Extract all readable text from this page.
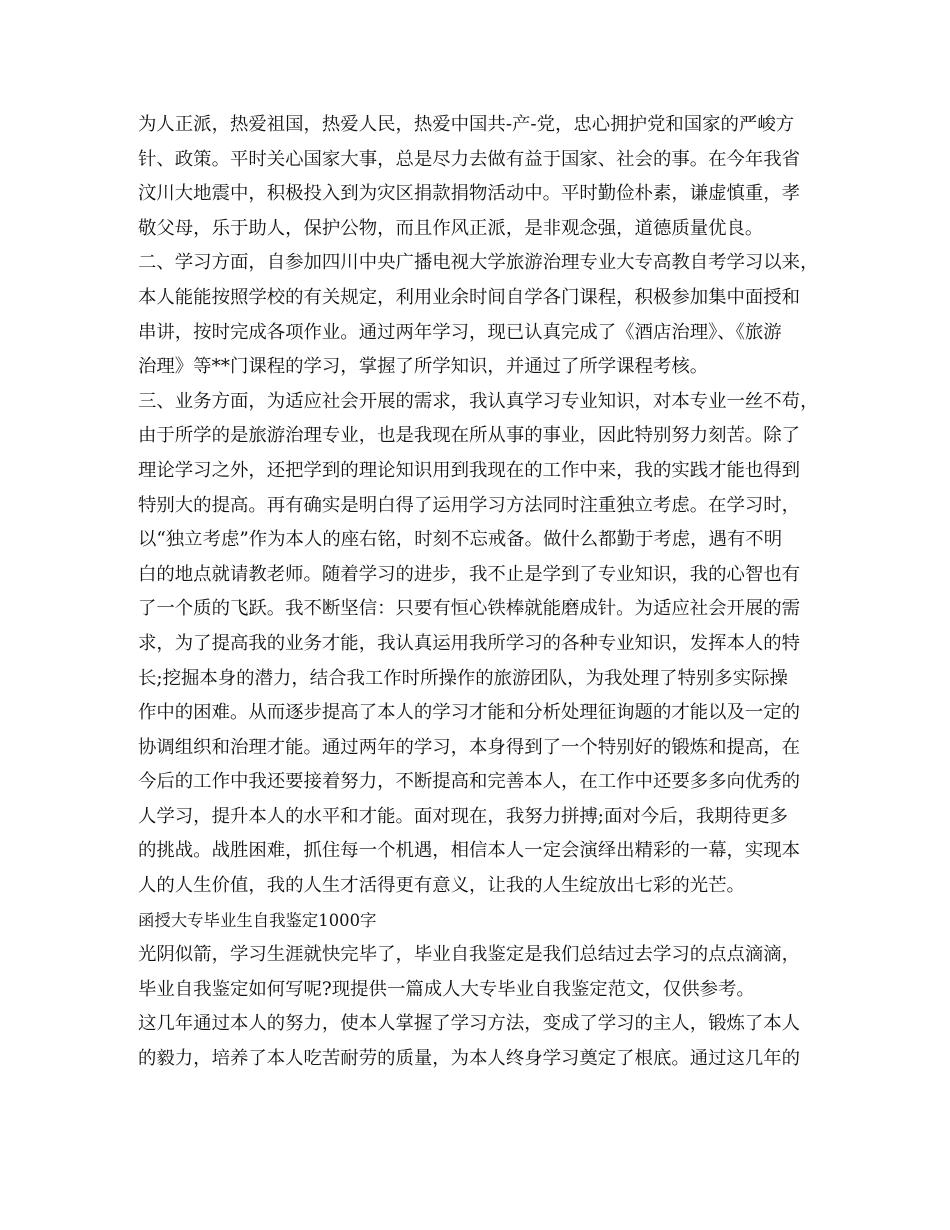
为人正派，热爱祖国，热爱人民，热爱中国共-产-党，忠心拥护党和国家的严峻方
针、政策。平时关心国家大事，总是尽力去做有益于国家、社会的事。在今年我省
汶川大地震中，积极投入到为灾区捐款捐物活动中。平时勤俭朴素，谦虚慎重，孝
敬父母，乐于助人，保护公物，而且作风正派，是非观念强，道德质量优良。
二、学习方面，自参加四川中央广播电视大学旅游治理专业大专高教自考学习以来，
本人能能按照学校的有关规定，利用业余时间自学各门课程，积极参加集中面授和
串讲，按时完成各项作业。通过两年学习，现已认真完成了《酒店治理》、《旅游
治理》等**门课程的学习，掌握了所学知识，并通过了所学课程考核。
三、业务方面，为适应社会开展的需求，我认真学习专业知识，对本专业一丝不苟，
由于所学的是旅游治理专业，也是我现在所从事的事业，因此特别努力刻苦。除了
理论学习之外，还把学到的理论知识用到我现在的工作中来，我的实践才能也得到
特别大的提高。再有确实是明白得了运用学习方法同时注重独立考虑。在学习时，
以“独立考虑”作为本人的座右铭，时刻不忘戒备。做什么都勤于考虑，遇有不明
白的地点就请教老师。随着学习的进步，我不止是学到了专业知识，我的心智也有
了一个质的飞跃。我不断坚信：只要有恒心铁棒就能磨成针。为适应社会开展的需
求，为了提高我的业务才能，我认真运用我所学习的各种专业知识，发挥本人的特
长;挖掘本身的潜力，结合我工作时所操作的旅游团队，为我处理了特别多实际操
作中的困难。从而逐步提高了本人的学习才能和分析处理征询题的才能以及一定的
协调组织和治理才能。通过两年的学习，本身得到了一个特别好的锻炼和提高，在
今后的工作中我还要接着努力，不断提高和完善本人，在工作中还要多多向优秀的
人学习，提升本人的水平和才能。面对现在，我努力拼搏;面对今后，我期待更多
的挑战。战胜困难，抓住每一个机遇，相信本人一定会演绎出精彩的一幕，实现本
人的人生价值，我的人生才活得更有意义，让我的人生绽放出七彩的光芒。
函授大专毕业生自我鉴定1000字
光阴似箭，学习生涯就快完毕了，毕业自我鉴定是我们总结过去学习的点点滴滴，
毕业自我鉴定如何写呢?现提供一篇成人大专毕业自我鉴定范文，仅供参考。
这几年通过本人的努力，使本人掌握了学习方法，变成了学习的主人，锻炼了本人
的毅力，培养了本人吃苦耐劳的质量，为本人终身学习奠定了根底。通过这几年的
